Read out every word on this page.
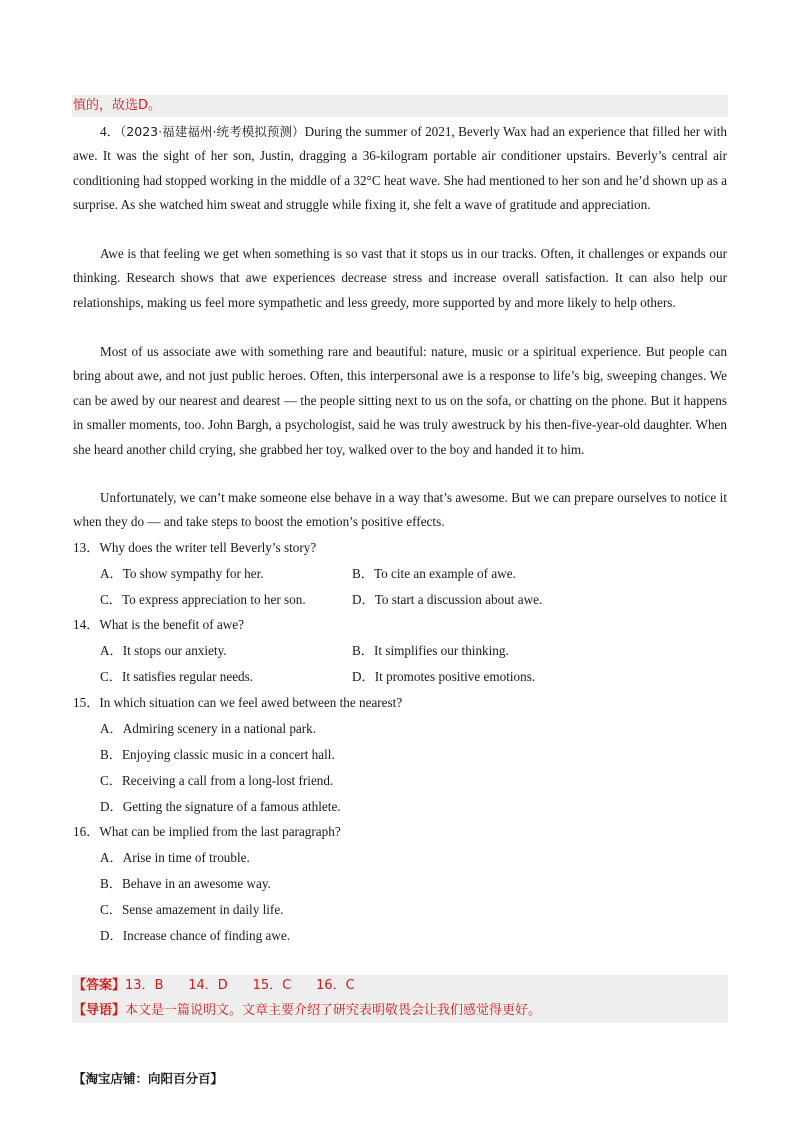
慎的，故选D。

4．（2023·福建福州·统考模拟预测）During the summer of 2021, Beverly Wax had an experience that filled her with awe. It was the sight of her son, Justin, dragging a 36-kilogram portable air conditioner upstairs. Beverly’s central air conditioning had stopped working in the middle of a 32°C heat wave. She had mentioned to her son and he’d shown up as a surprise. As she watched him sweat and struggle while fixing it, she felt a wave of gratitude and appreciation.

Awe is that feeling we get when something is so vast that it stops us in our tracks. Often, it challenges or expands our thinking. Research shows that awe experiences decrease stress and increase overall satisfaction. It can also help our relationships, making us feel more sympathetic and less greedy, more supported by and more likely to help others.

Most of us associate awe with something rare and beautiful: nature, music or a spiritual experience. But people can bring about awe, and not just public heroes. Often, this interpersonal awe is a response to life’s big, sweeping changes. We can be awed by our nearest and dearest — the people sitting next to us on the sofa, or chatting on the phone. But it happens in smaller moments, too. John Bargh, a psychologist, said he was truly awestruck by his then-five-year-old daughter. When she heard another child crying, she grabbed her toy, walked over to the boy and handed it to him.

Unfortunately, we can’t make someone else behave in a way that’s awesome. But we can prepare ourselves to notice it when they do — and take steps to boost the emotion’s positive effects.

13．Why does the writer tell Beverly’s story?
A．To show sympathy for her.	B．To cite an example of awe.
C．To express appreciation to her son.	D．To start a discussion about awe.
14．What is the benefit of awe?
A．It stops our anxiety.	B．It simplifies our thinking.
C．It satisfies regular needs.	D．It promotes positive emotions.
15．In which situation can we feel awed between the nearest?
A．Admiring scenery in a national park.
B．Enjoying classic music in a concert hall.
C．Receiving a call from a long-lost friend.
D．Getting the signature of a famous athlete.
16．What can be implied from the last paragraph?
A．Arise in time of trouble.
B．Behave in an awesome way.
C．Sense amazement in daily life.
D．Increase chance of finding awe.
【答案】13．B      14．D      15．C      16．C
【导语】本文是一篇说明文。文章主要介绍了研究表明敬畏会让我们感觉得更好。
【淘宝店铺：向阳百分百】
